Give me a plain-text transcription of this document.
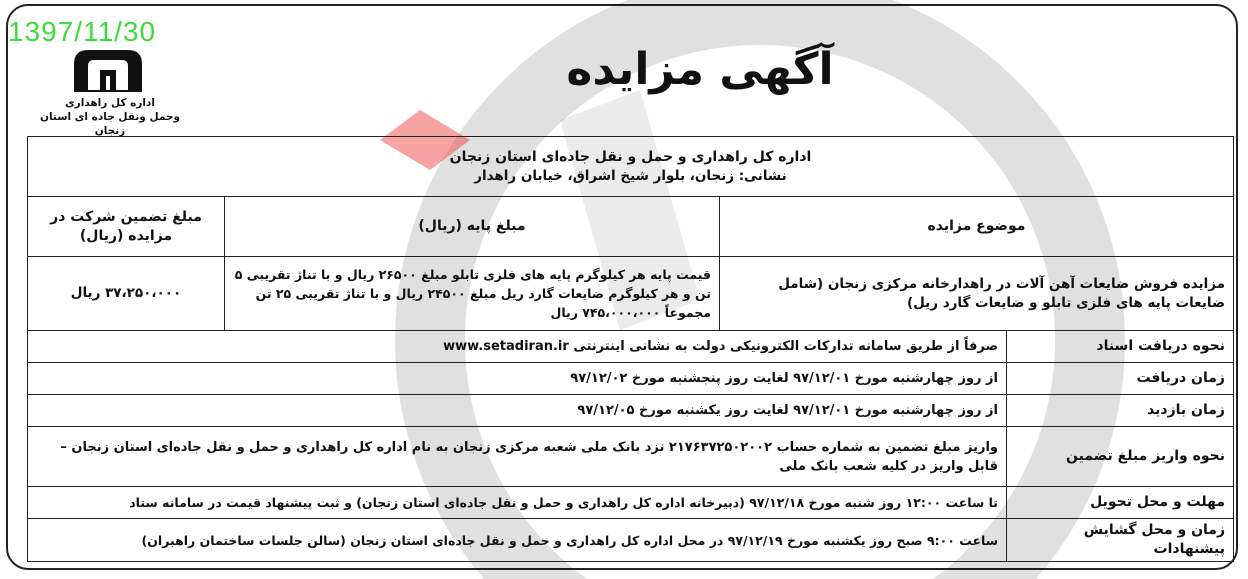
1397/11/30
اداره کل راهداری
وحمل ونقل جاده ای استان زنجان
آگهی مزایده
اداره کل راهداری و حمل و نقل جاده‌ای استان زنجان
نشانی: زنجان، بلوار شیخ اشراق، خیابان راهدار			

موضوع مزایده		مبلغ پایه (ریال)	مبلغ تضمین شرکت در مزایده (ریال)
مزایده فروش ضایعات آهن آلات در راهدارخانه مرکزی زنجان (شامل ضایعات پایه های فلزی تابلو و ضایعات گارد ریل)		قیمت پایه هر کیلوگرم پایه های فلزی تابلو مبلغ ۲۶۵۰۰ ریال و با تناژ تقریبی ۵ تن و هر کیلوگرم ضایعات گارد ریل مبلغ ۲۴۵۰۰ ریال و با تناژ تقریبی ۲۵ تن مجموعاً ۷۴۵،۰۰۰،۰۰۰ ریال	۳۷،۲۵۰،۰۰۰ ریال
نحوه دریافت اسناد	صرفاً از طریق سامانه تدارکات الکترونیکی دولت به نشانی اینترنتی www.setadiran.ir		
زمان دریافت	از روز چهارشنبه مورخ ۹۷/۱۲/۰۱ لغایت روز پنجشنبه مورخ ۹۷/۱۲/۰۲		
زمان بازدید	از روز چهارشنبه مورخ ۹۷/۱۲/۰۱ لغایت روز یکشنبه مورخ ۹۷/۱۲/۰۵		
نحوه واریز مبلغ تضمین	واریز مبلغ تضمین به شماره حساب ۲۱۷۶۳۷۲۵۰۲۰۰۲ نزد بانک ملی شعبه مرکزی زنجان به نام اداره کل راهداری و حمل و نقل جاده‌ای استان زنجان – قابل واریز در کلیه شعب بانک ملی		
مهلت و محل تحویل	تا ساعت ۱۲:۰۰ روز شنبه مورخ ۹۷/۱۲/۱۸ (دبیرخانه اداره کل راهداری و حمل و نقل جاده‌ای استان زنجان) و ثبت پیشنهاد قیمت در سامانه ستاد		
زمان و محل گشایش پیشنهادات	ساعت ۹:۰۰ صبح روز یکشنبه مورخ ۹۷/۱۲/۱۹ در محل اداره کل راهداری و حمل و نقل جاده‌ای استان زنجان (سالن جلسات ساختمان راهبران)		
